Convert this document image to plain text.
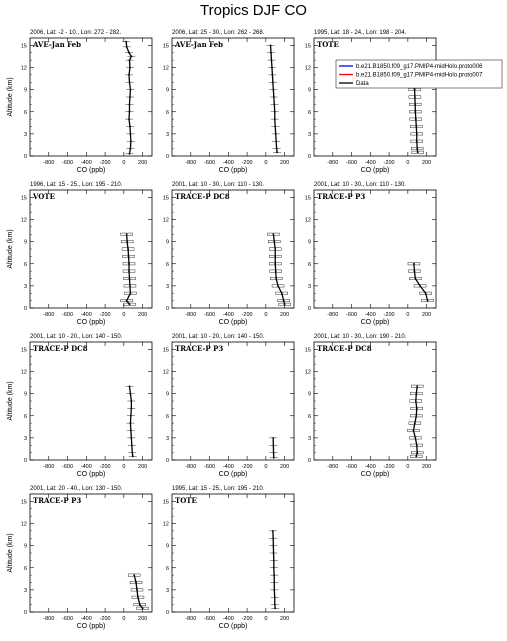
Tropics DJF CO
2006, Lat: -2 - 10., Lon: 272 - 282.
AVE-Jan Feb
0
3
6
9
12
15
-800 -600 -400 -200 0 200
CO (ppb)
Altitude (km)
2006, Lat: 25 - 30., Lon: 262 - 268.
AVE-Jan Feb
0
3
6
9
12
15
-800 -600 -400 -200 0 200
CO (ppb)
1995, Lat: 18 - 24., Lon: 198 - 204.
TOTE
0
3
6
9
12
15
-800 -600 -400 -200 0 200
CO (ppb)
1996, Lat: 15 - 25., Lon: 195 - 210.
VOTE
0
3
6
9
12
15
-800 -600 -400 -200 0 200
CO (ppb)
Altitude (km)
2001, Lat: 10 - 30., Lon: 110 - 130.
TRACE-P DC8
0
3
6
9
12
15
-800 -600 -400 -200 0 200
CO (ppb)
2001, Lat: 10 - 30., Lon: 110 - 130.
TRACE-P P3
0
3
6
9
12
15
-800 -600 -400 -200 0 200
CO (ppb)
2001, Lat: 10 - 20., Lon: 140 - 150.
TRACE-P DC8
0
3
6
9
12
15
-800 -600 -400 -200 0 200
CO (ppb)
Altitude (km)
2001, Lat: 10 - 20., Lon: 140 - 150.
TRACE-P P3
0
3
6
9
12
15
-800 -600 -400 -200 0 200
CO (ppb)
2001, Lat: 10 - 30., Lon: 190 - 210.
TRACE-P DC8
0
3
6
9
12
15
-800 -600 -400 -200 0 200
CO (ppb)
2001, Lat: 20 - 40., Lon: 130 - 150.
TRACE-P P3
0
3
6
9
12
15
-800 -600 -400 -200 0 200
CO (ppb)
Altitude (km)
1995, Lat: 15 - 25., Lon: 195 - 210.
TOTE
0
3
6
9
12
15
-800 -600 -400 -200 0 200
CO (ppb)
b.e21.B1850.f09_g17.PMIP4-midHolo.proto006
b.e21.B1850.f09_g17.PMIP4-midHolo.proto007
Data
